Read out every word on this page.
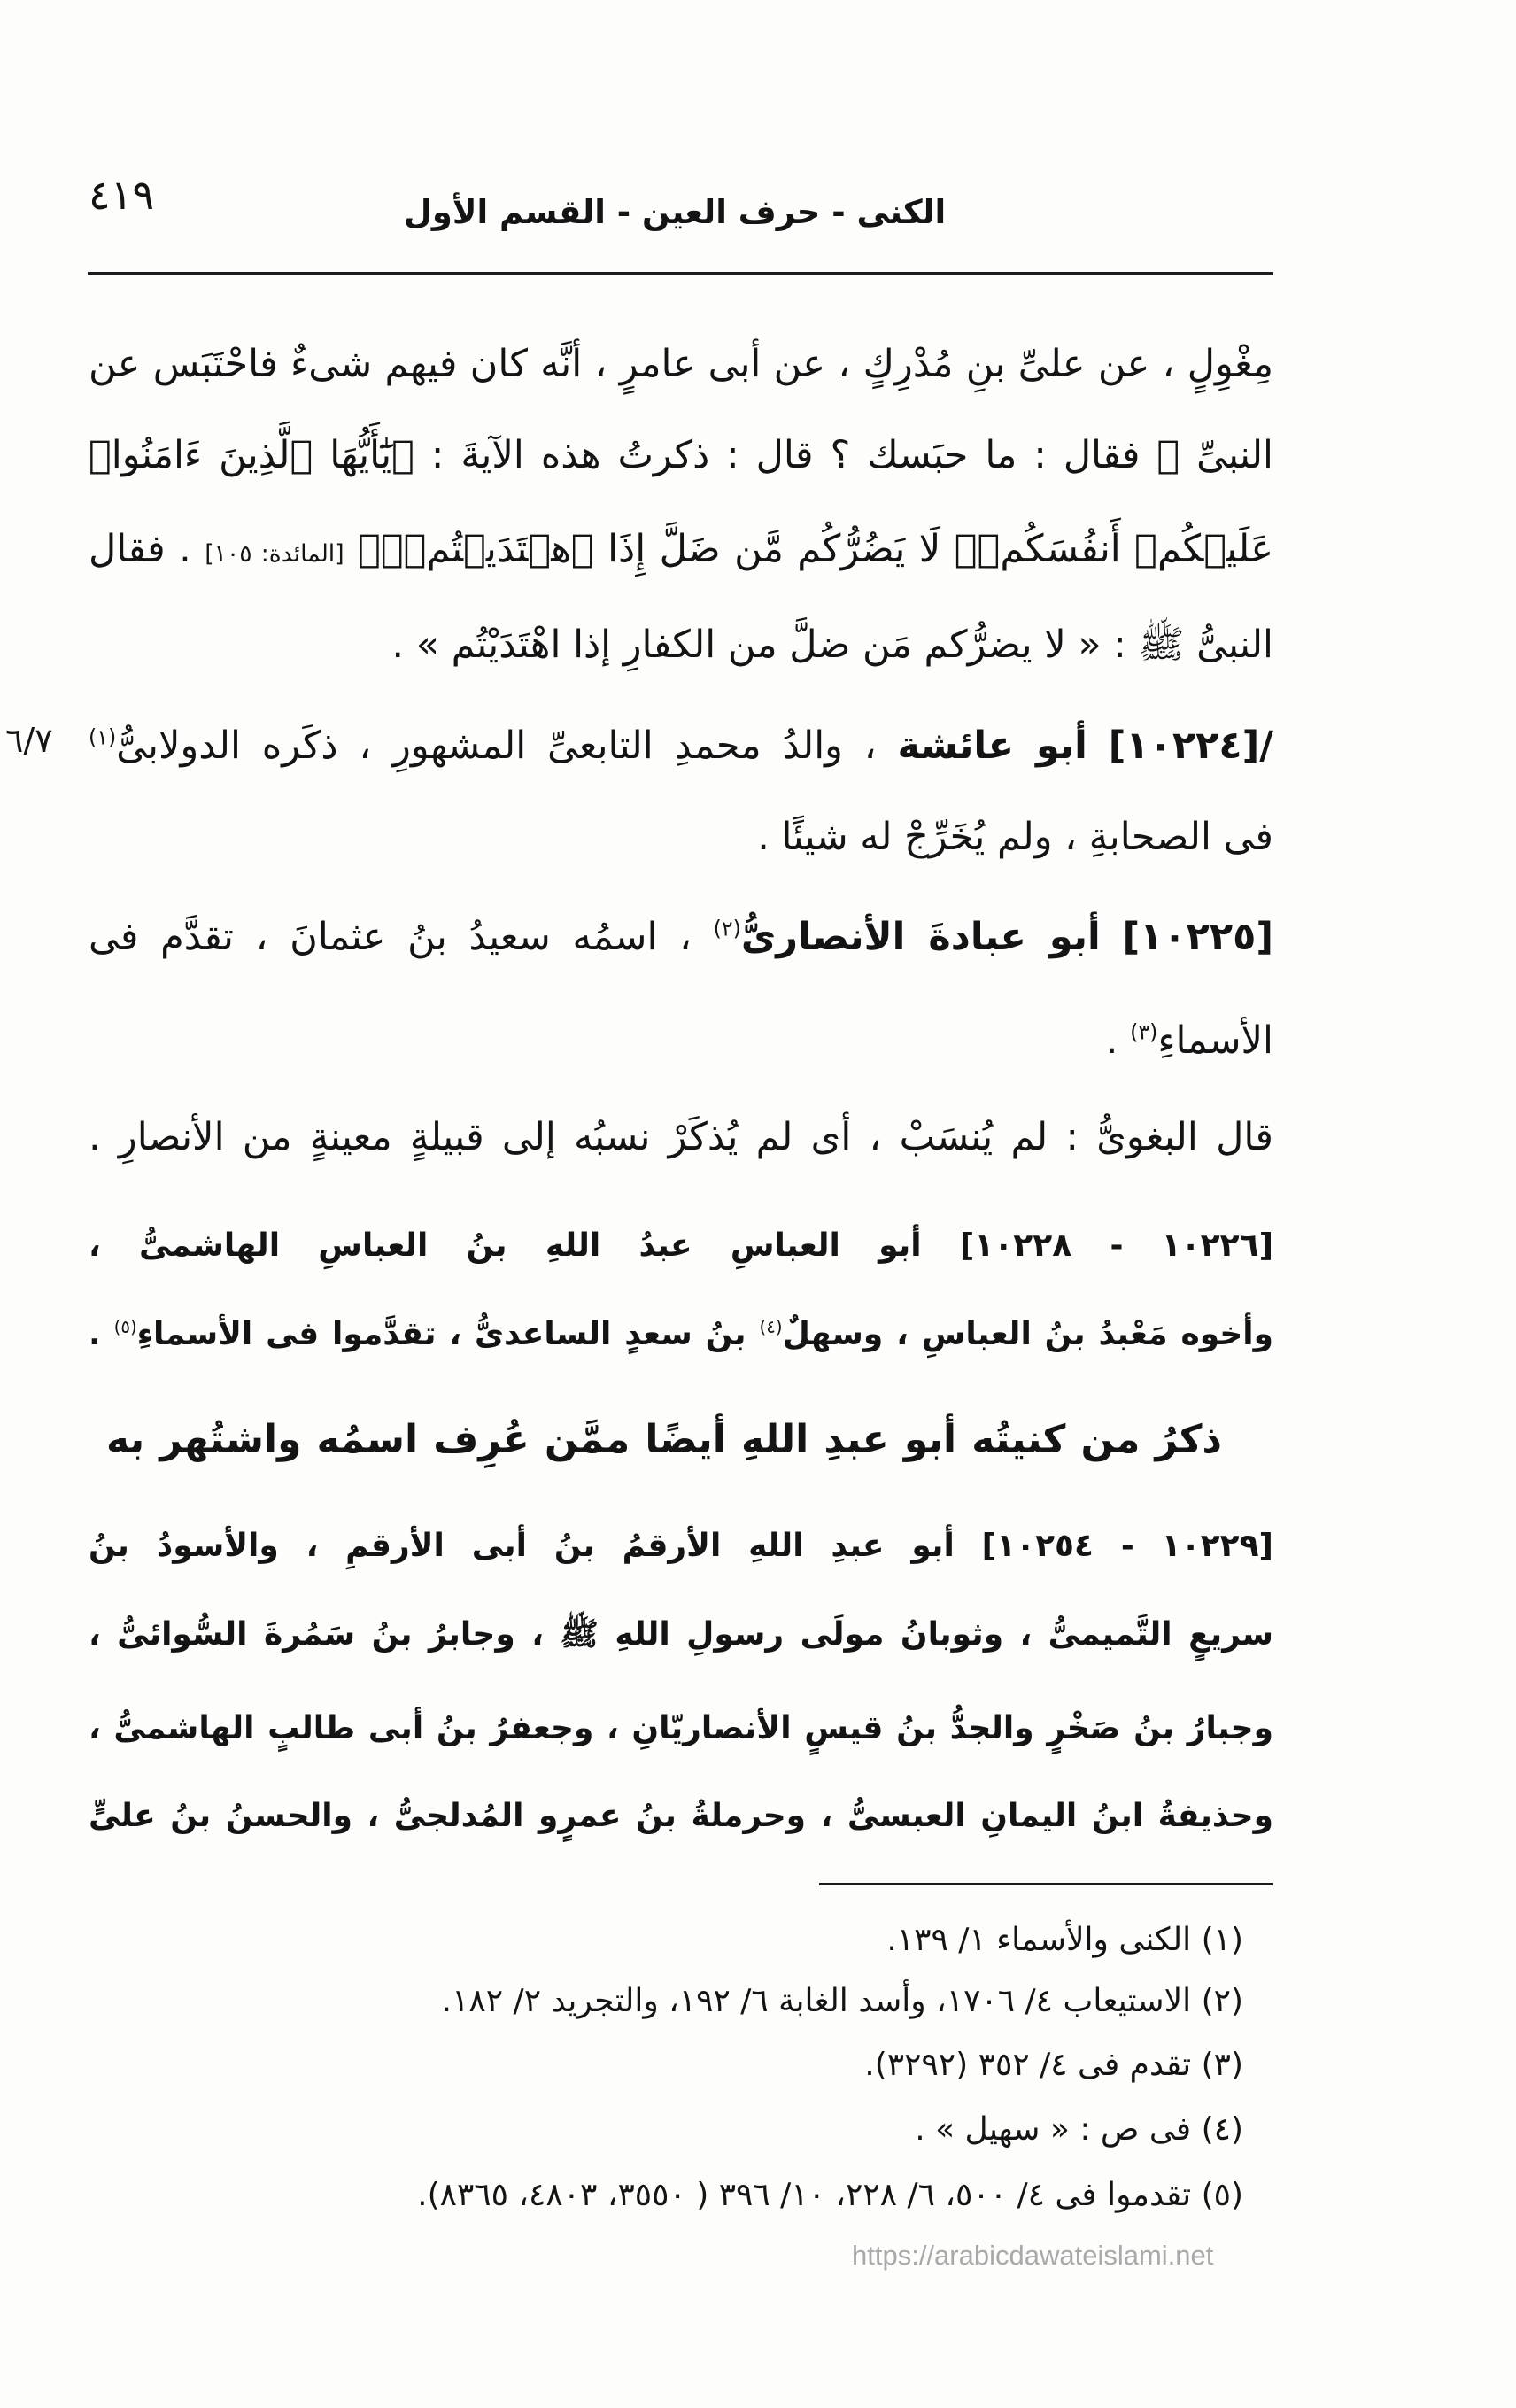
٤١٩	الكنى - حرف العين - القسم الأول
مِغْوِلٍ ، عن علىِّ بنِ مُدْرِكٍ ، عن أبى عامرٍ ، أنَّه كان فيهم شىءٌ فاحْتَبَس عن
النبىِّ ﷺ فقال : ما حبَسك ؟ قال : ذكرتُ هذه الآيةَ : ﴿يَٰٓأَيُّهَا ٱلَّذِينَ ءَامَنُوا۟
عَلَيۡكُمۡ أَنفُسَكُمۡۖ لَا يَضُرُّكُم مَّن ضَلَّ إِذَا ٱهۡتَدَيۡتُمۡۚ﴾ [المائدة: ١٠٥] . فقال
النبىُّ ﷺ : « لا يضرُّكم مَن ضلَّ من الكفارِ إذا اهْتَدَيْتُم » .
٦/٧	/[١٠٢٢٤] أبو عائشة ، والدُ محمدِ التابعىِّ المشهورِ ، ذكَره الدولابىُّ$^{(١)}$
فى الصحابةِ ، ولم يُخَرِّجْ له شيئًا .
[١٠٢٢٥] أبو عبادةَ الأنصارىُّ$^{(٢)}$ ، اسمُه سعيدُ بنُ عثمانَ ، تقدَّم فى
الأسماءِ$^{(٣)}$ .
قال البغوىُّ : لم يُنسَبْ ، أى لم يُذكَرْ نسبُه إلى قبيلةٍ معينةٍ من الأنصارِ .
[١٠٢٢٦ - ١٠٢٢٨] أبو العباسِ عبدُ اللهِ بنُ العباسِ الهاشمىُّ ،
وأخوه مَعْبدُ بنُ العباسِ ، وسهلٌ$^{(٤)}$ بنُ سعدٍ الساعدىُّ ، تقدَّموا فى الأسماءِ$^{(٥)}$ .
ذكرُ من كنيتُه أبو عبدِ اللهِ أيضًا ممَّن عُرِف اسمُه واشتُهر به
[١٠٢٢٩ - ١٠٢٥٤] أبو عبدِ اللهِ الأرقمُ بنُ أبى الأرقمِ ، والأسودُ بنُ
سريعٍ التَّميمىُّ ، وثوبانُ مولَى رسولِ اللهِ ﷺ ، وجابرُ بنُ سَمُرةَ السُّوائىُّ ،
وجبارُ بنُ صَخْرٍ والجدُّ بنُ قيسٍ الأنصاريّانِ ، وجعفرُ بنُ أبى طالبٍ الهاشمىُّ ،
وحذيفةُ ابنُ اليمانِ العبسىُّ ، وحرملةُ بنُ عمرٍو المُدلجىُّ ، والحسنُ بنُ علىٍّ
(١) الكنى والأسماء ١/ ١٣٩.
(٢) الاستيعاب ٤/ ١٧٠٦، وأسد الغابة ٦/ ١٩٢، والتجريد ٢/ ١٨٢.
(٣) تقدم فى ٤/ ٣٥٢ (٣٢٩٢).
(٤) فى ص : « سهيل » .
(٥) تقدموا فى ٤/ ٥٠٠، ٦/ ٢٢٨، ١٠/ ٣٩٦ ( ٣٥٥٠، ٤٨٠٣، ٨٣٦٥).
https://arabicdawateislami.net
